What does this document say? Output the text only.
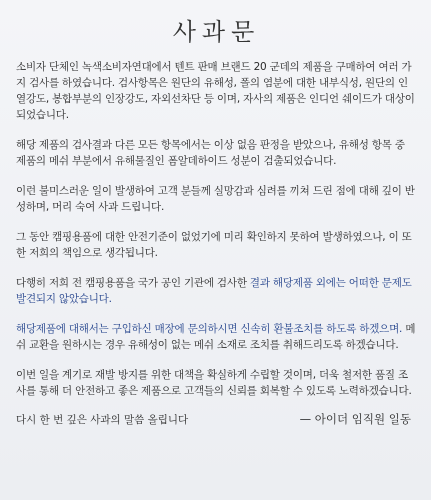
사과문

소비자 단체인 녹색소비자연대에서 텐트 판매 브랜드 20 군데의 제품을 구매하여 여러 가지 검사를 하였습니다. 검사항목은 원단의 유해성, 폴의 염분에 대한 내부식성, 원단의 인열강도, 봉합부분의 인장강도, 자외선차단 등 이며, 자사의 제품은 인디언 쉐이드가 대상이 되었습니다.

해당 제품의 검사결과 다른 모든 항목에서는 이상 없음 판정을 받았으나, 유해성 항목 중 제품의 메쉬 부분에서 유해물질인 폼알데하이드 성분이 검출되었습니다.

이런 불미스러운 일이 발생하여 고객 분들께 실망감과 심려를 끼쳐 드린 점에 대해 깊이 반성하며, 머리 숙여 사과 드립니다.

그 동안 캠핑용품에 대한 안전기준이 없었기에 미리 확인하지 못하여 발생하였으나, 이 또한 저희의 책임으로 생각됩니다.

다행히 저희 전 캠핑용품을 국가 공인 기관에 검사한 결과 해당제품 외에는 어떠한 문제도 발견되지 않았습니다.

해당제품에 대해서는 구입하신 매장에 문의하시면 신속히 환불조치를 하도록 하겠으며. 메쉬 교환을 원하시는 경우 유해성이 없는 메쉬 소재로 조치를 취해드리도록 하겠습니다.

이번 일을 계기로 재발 방지를 위한 대책을 확실하게 수립할 것이며, 더욱 철저한 품질 조사를 통해 더 안전하고 좋은 제품으로 고객들의 신뢰를 회복할 수 있도록 노력하겠습니다.

다시 한 번 깊은 사과의 말씀 올립니다	— 아이더 임직원 일동
